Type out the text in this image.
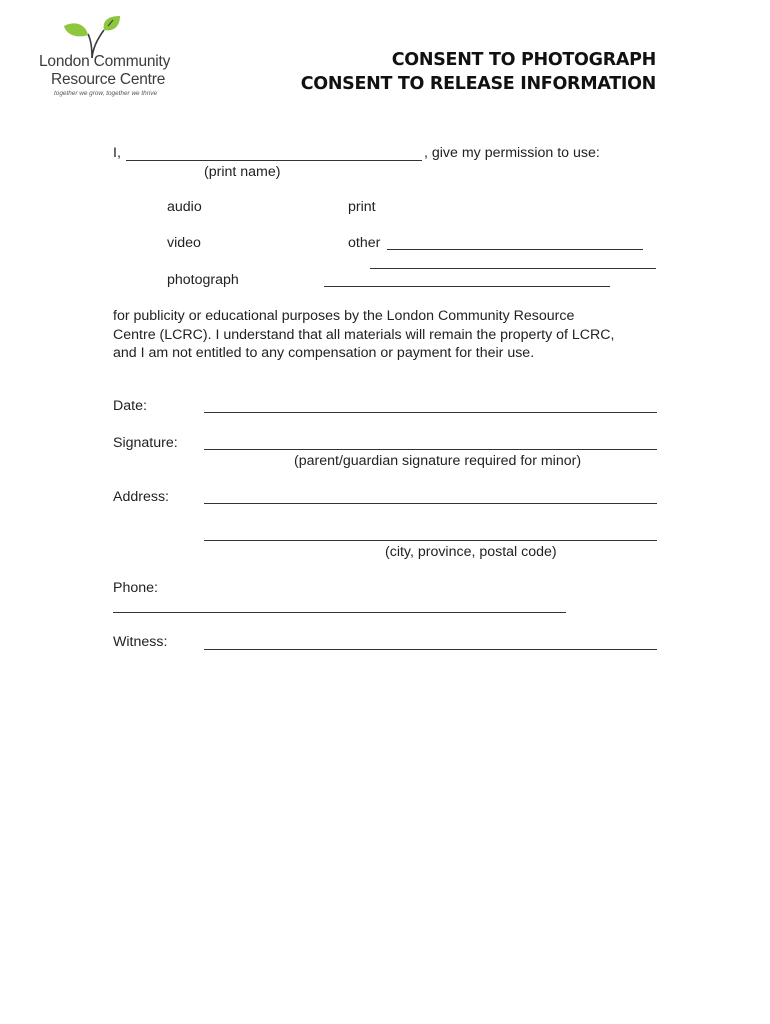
London Community
Resource Centre
together we grow, together we thrive
CONSENT TO PHOTOGRAPH
CONSENT TO RELEASE INFORMATION
I,	, give my permission to use:
(print name)
audio	print
video	other
photograph
for publicity or educational purposes by the London Community Resource
Centre (LCRC). I understand that all materials will remain the property of LCRC,
and I am not entitled to any compensation or payment for their use.
Date:
Signature:
(parent/guardian signature required for minor)
Address:
(city, province, postal code)
Phone:
Witness:
